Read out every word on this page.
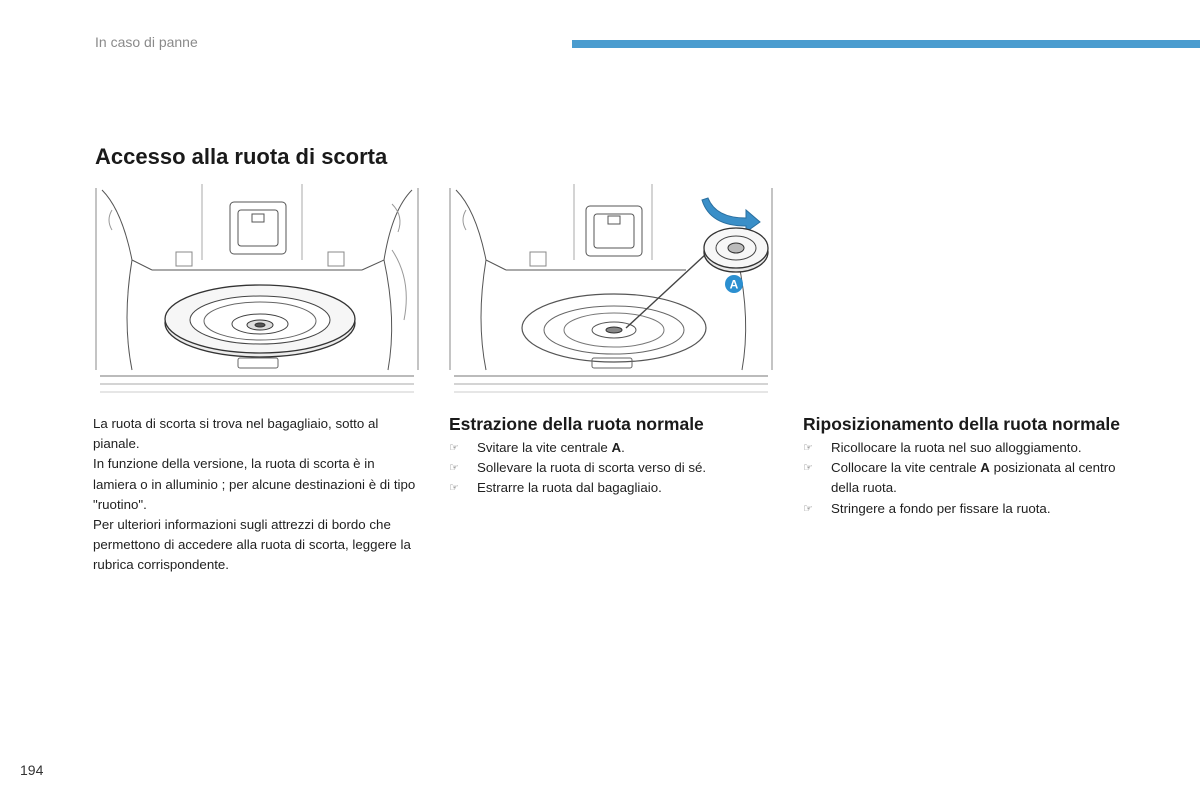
In caso di panne
Accesso alla ruota di scorta
A

La ruota di scorta si trova nel bagagliaio, sotto al pianale.

In funzione della versione, la ruota di scorta è in lamiera o in alluminio ; per alcune destinazioni è di tipo "ruotino".

Per ulteriori informazioni sugli attrezzi di bordo che permettono di accedere alla ruota di scorta, leggere la rubrica corrispondente.

Estrazione della ruota normale
☞ Svitare la vite centrale A.
☞ Sollevare la ruota di scorta verso di sé.
☞ Estrarre la ruota dal bagagliaio.
Riposizionamento della ruota normale
☞ Ricollocare la ruota nel suo alloggiamento.
☞ Collocare la vite centrale A posizionata al centro della ruota.
☞ Stringere a fondo per fissare la ruota.
194
